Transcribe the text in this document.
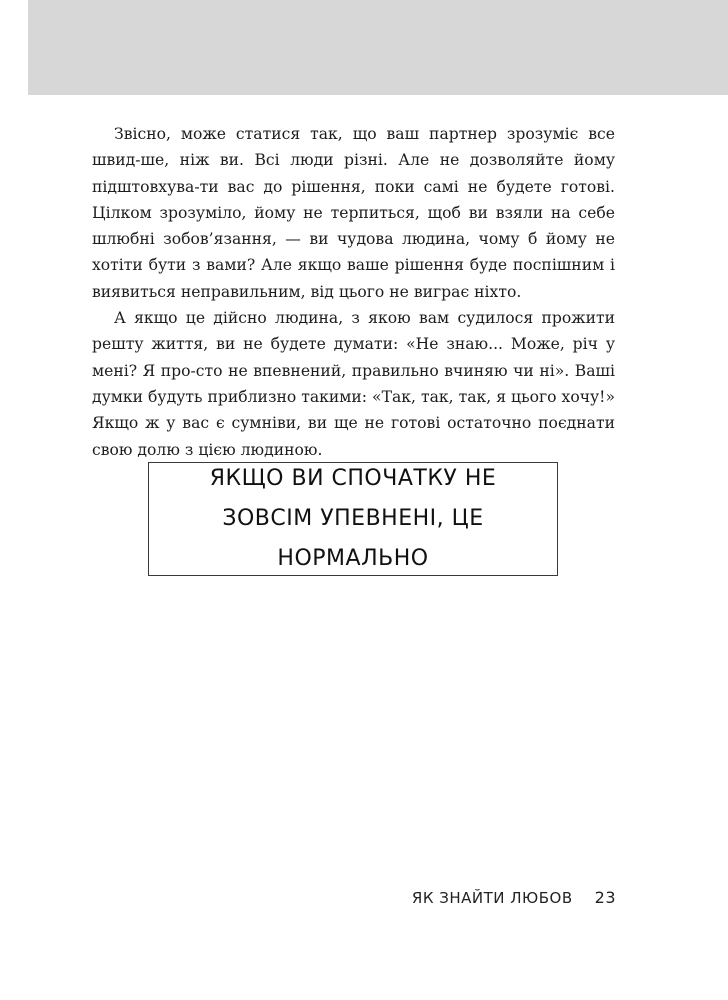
Звісно, може статися так, що ваш партнер зрозуміє все швид-ше, ніж ви. Всі люди різні. Але не дозволяйте йому підштовхува-ти вас до рішення, поки самі не будете готові. Цілком зрозуміло, йому не терпиться, щоб ви взяли на себе шлюбні зобов’язання, — ви чудова людина, чому б йому не хотіти бути з вами? Але якщо ваше рішення буде поспішним і виявиться неправильним, від цього не виграє ніхто.

А якщо це дійсно людина, з якою вам судилося прожити решту життя, ви не будете думати: «Не знаю... Може, річ у мені? Я про-сто не впевнений, правильно вчиняю чи ні». Ваші думки будуть приблизно такими: «Так, так, так, я цього хочу!» Якщо ж у вас є сумніви, ви ще не готові остаточно поєднати свою долю з цією людиною.

ЯКЩО ВИ СПОЧАТКУ НЕ ЗОВСІМ УПЕВНЕНІ, ЦЕ НОРМАЛЬНО
ЯК ЗНАЙТИ ЛЮБОВ 23
